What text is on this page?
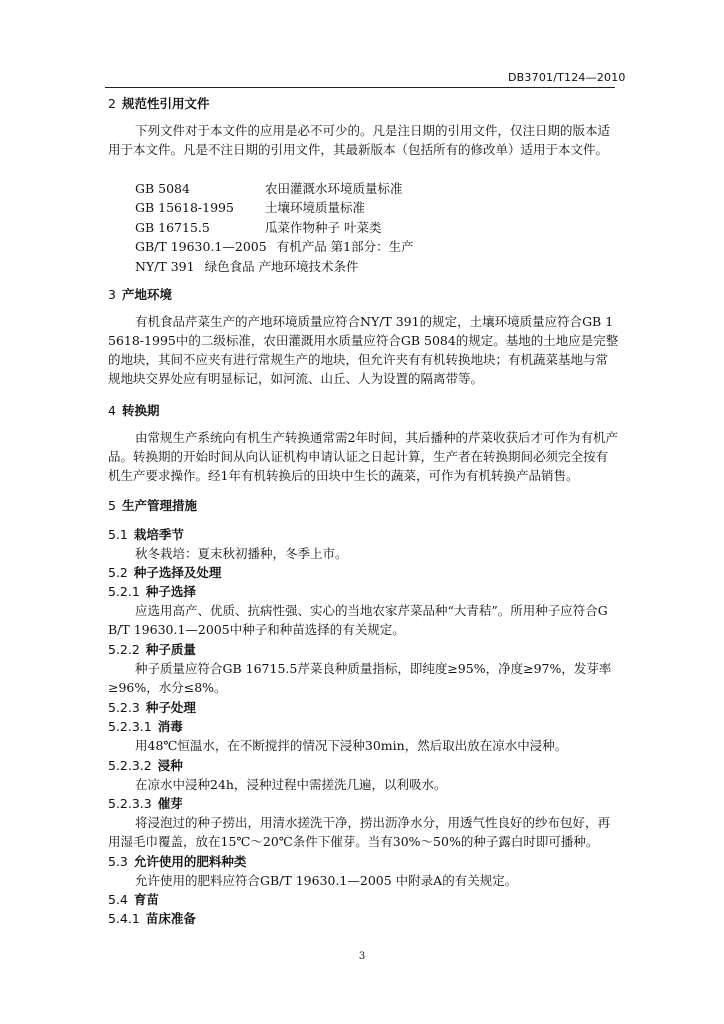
DB3701/T124—2010
2 规范性引用文件
下列文件对于本文件的应用是必不可少的。凡是注日期的引用文件，仅注日期的版本适用于本文件。凡是不注日期的引用文件，其最新版本（包括所有的修改单）适用于本文件。
GB 5084	农田灌溉水环境质量标准
GB 15618-1995 土壤环境质量标准
GB 16715.5	瓜菜作物种子 叶菜类
GB/T 19630.1—2005 有机产品 第1部分：生产
NY/T 391 绿色食品 产地环境技术条件
3 产地环境
有机食品芹菜生产的产地环境质量应符合NY/T 391的规定，土壤环境质量应符合GB 15618-1995中的二级标准，农田灌溉用水质量应符合GB 5084的规定。基地的土地应是完整的地块，其间不应夹有进行常规生产的地块，但允许夹有有机转换地块；有机蔬菜基地与常规地块交界处应有明显标记，如河流、山丘、人为设置的隔离带等。
4 转换期
由常规生产系统向有机生产转换通常需2年时间，其后播种的芹菜收获后才可作为有机产品。转换期的开始时间从向认证机构申请认证之日起计算，生产者在转换期间必须完全按有机生产要求操作。经1年有机转换后的田块中生长的蔬菜，可作为有机转换产品销售。
5 生产管理措施
5.1 栽培季节
秋冬栽培：夏末秋初播种，冬季上市。
5.2 种子选择及处理
5.2.1 种子选择
应选用高产、优质、抗病性强、实心的当地农家芹菜品种“大青秸”。所用种子应符合GB/T 19630.1—2005中种子和种苗选择的有关规定。
5.2.2 种子质量
种子质量应符合GB 16715.5芹菜良种质量指标，即纯度≥95%，净度≥97%，发芽率≥96%，水分≤8%。
5.2.3 种子处理
5.2.3.1 消毒
用48℃恒温水，在不断搅拌的情况下浸种30min，然后取出放在凉水中浸种。
5.2.3.2 浸种
在凉水中浸种24h，浸种过程中需搓洗几遍，以利吸水。
5.2.3.3 催芽
将浸泡过的种子捞出，用清水搓洗干净，捞出沥净水分，用透气性良好的纱布包好，再用湿毛巾覆盖，放在15℃～20℃条件下催芽。当有30%～50%的种子露白时即可播种。
5.3 允许使用的肥料种类
允许使用的肥料应符合GB/T 19630.1—2005 中附录A的有关规定。
5.4 育苗
5.4.1 苗床准备
3
